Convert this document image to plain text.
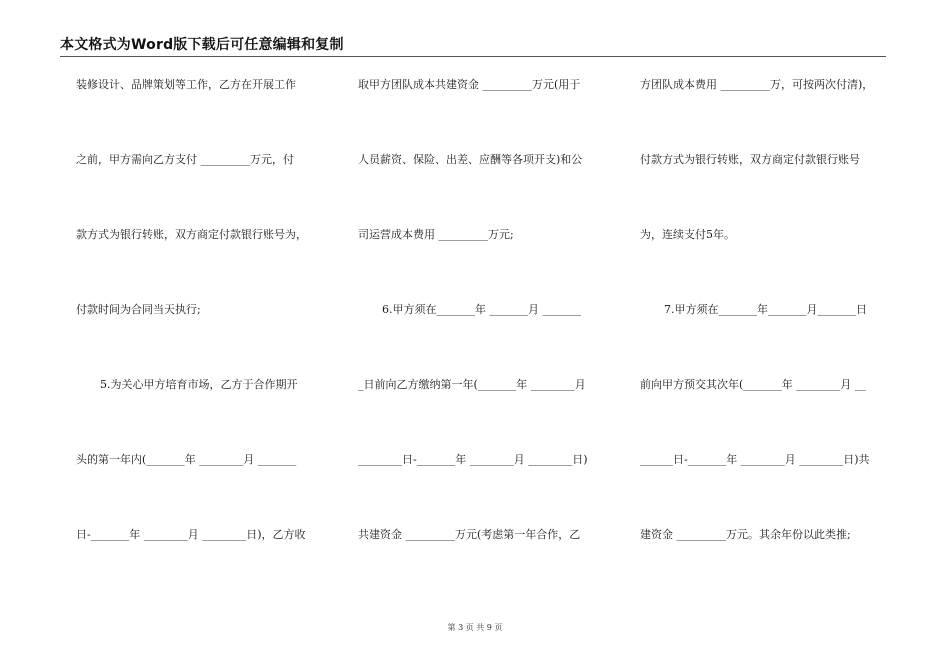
本文格式为Word版下载后可任意编辑和复制
装修设计、品牌策划等工作，乙方在开展工作
之前，甲方需向乙方支付 _________万元，付
款方式为银行转账，双方商定付款银行账号为，
付款时间为合同当天执行;
5.为关心甲方培育市场，乙方于合作期开
头的第一年内(_______年 ________月 _______
日-_______年 ________月 ________日)，乙方收
取甲方团队成本共建资金 _________万元(用于
人员薪资、保险、出差、应酬等各项开支)和公
司运营成本费用 _________万元;
6.甲方须在_______年 _______月 _______
_日前向乙方缴纳第一年(_______年 ________月
________日-_______年 ________月 ________日)
共建资金 _________万元(考虑第一年合作，乙
方团队成本费用 _________万，可按两次付清)，
付款方式为银行转账，双方商定付款银行账号
为，连续支付5年。
7.甲方须在_______年_______月_______日
前向甲方预交其次年(_______年 ________月 __
______日-_______年 ________月 ________日)共
建资金 _________万元。其余年份以此类推;
第 3 页 共 9 页
